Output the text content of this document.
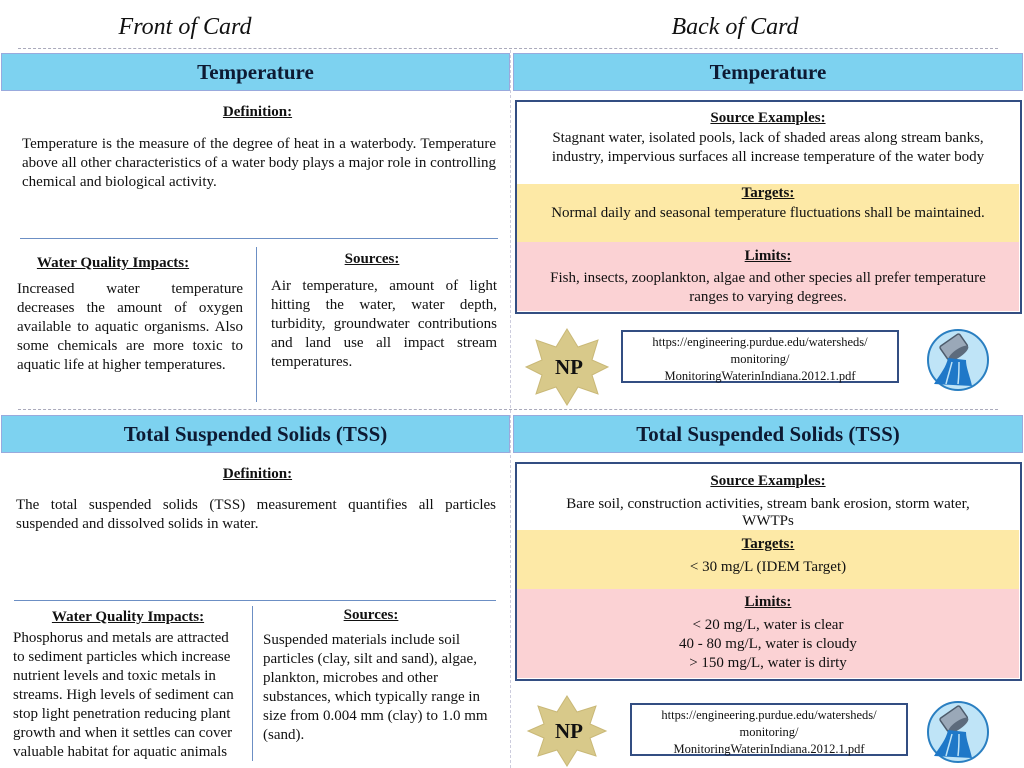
Front of Card	Back of Card
Temperature
Definition:
Temperature is the measure of the degree of heat in a waterbody. Temperature above all other characteristics of a water body plays a major role in controlling chemical and biological activity.
Water Quality Impacts:
Increased water temperature decreases the amount of oxygen available to aquatic organisms. Also some chemicals are more toxic to aquatic life at higher temperatures.
Sources:
Air temperature, amount of light hitting the water, water depth, turbidity, groundwater contributions and land use all impact stream temperatures.
Temperature
Source Examples:
Stagnant water, isolated pools, lack of shaded areas along stream banks, industry, impervious surfaces all increase temperature of the water body
Targets:
Normal daily and seasonal temperature fluctuations shall be maintained.
Limits:
Fish, insects, zooplankton, algae and other species all prefer temperature
ranges to varying degrees.
NP
https://engineering.purdue.edu/watersheds/
monitoring/
MonitoringWaterinIndiana.2012.1.pdf
Total Suspended Solids (TSS)
Definition:
The total suspended solids (TSS) measurement quantifies all particles suspended and dissolved solids in water.
Water Quality Impacts:
Phosphorus and metals are attracted
to sediment particles which increase
nutrient levels and toxic metals in
streams. High levels of sediment can
stop light penetration reducing plant
growth and when it settles can cover
valuable habitat for aquatic animals
Sources:
Suspended materials include soil
particles (clay, silt and sand), algae,
plankton, microbes and other
substances, which typically range in
size from 0.004 mm (clay) to 1.0 mm
(sand).
Total Suspended Solids (TSS)
Source Examples:
Bare soil, construction activities, stream bank erosion, storm water,
WWTPs
Targets:
< 30 mg/L (IDEM Target)
Limits:
< 20 mg/L, water is clear
40 - 80 mg/L, water is cloudy
> 150 mg/L, water is dirty
NP
https://engineering.purdue.edu/watersheds/
monitoring/
MonitoringWaterinIndiana.2012.1.pdf
